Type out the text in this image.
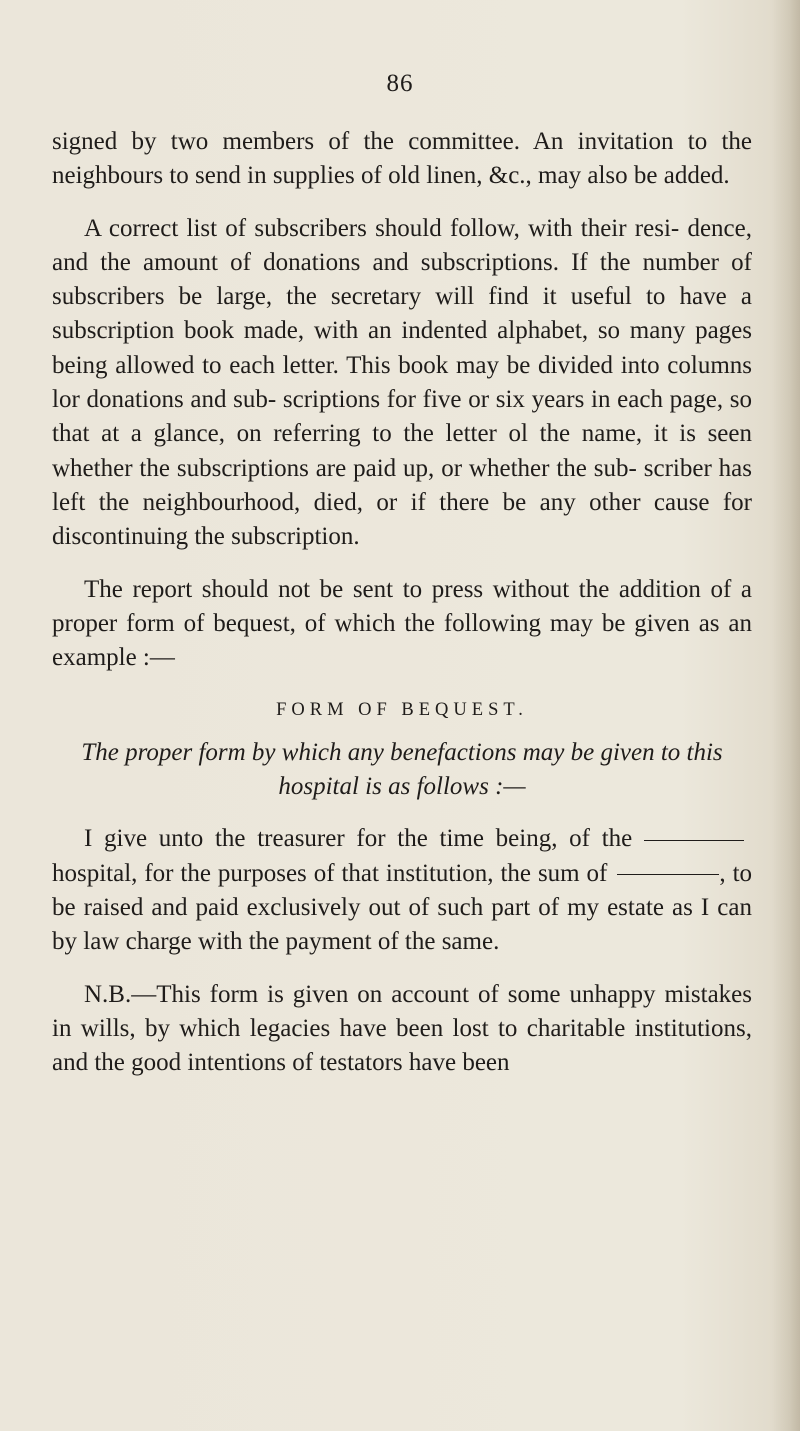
86

signed by two members of the committee. An invitation to the neighbours to send in supplies of old linen, &c., may also be added.

A correct list of subscribers should follow, with their resi- dence, and the amount of donations and subscriptions. If the number of subscribers be large, the secretary will find it useful to have a subscription book made, with an indented alphabet, so many pages being allowed to each letter. This book may be divided into columns lor donations and sub- scriptions for five or six years in each page, so that at a glance, on referring to the letter ol the name, it is seen whether the subscriptions are paid up, or whether the sub- scriber has left the neighbourhood, died, or if there be any other cause for discontinuing the subscription.

The report should not be sent to press without the addition of a proper form of bequest, of which the following may be given as an example :—

FORM OF BEQUEST.

The proper form by which any benefactions may be given to this hospital is as follows :—

I give unto the treasurer for the time being, of the hospital, for the purposes of that institution, the sum of	, to be raised and paid exclusively out of such part of my estate as I can by law charge with the payment of the same.

N.B.—This form is given on account of some unhappy mistakes in wills, by which legacies have been lost to charitable institutions, and the good intentions of testators have been
